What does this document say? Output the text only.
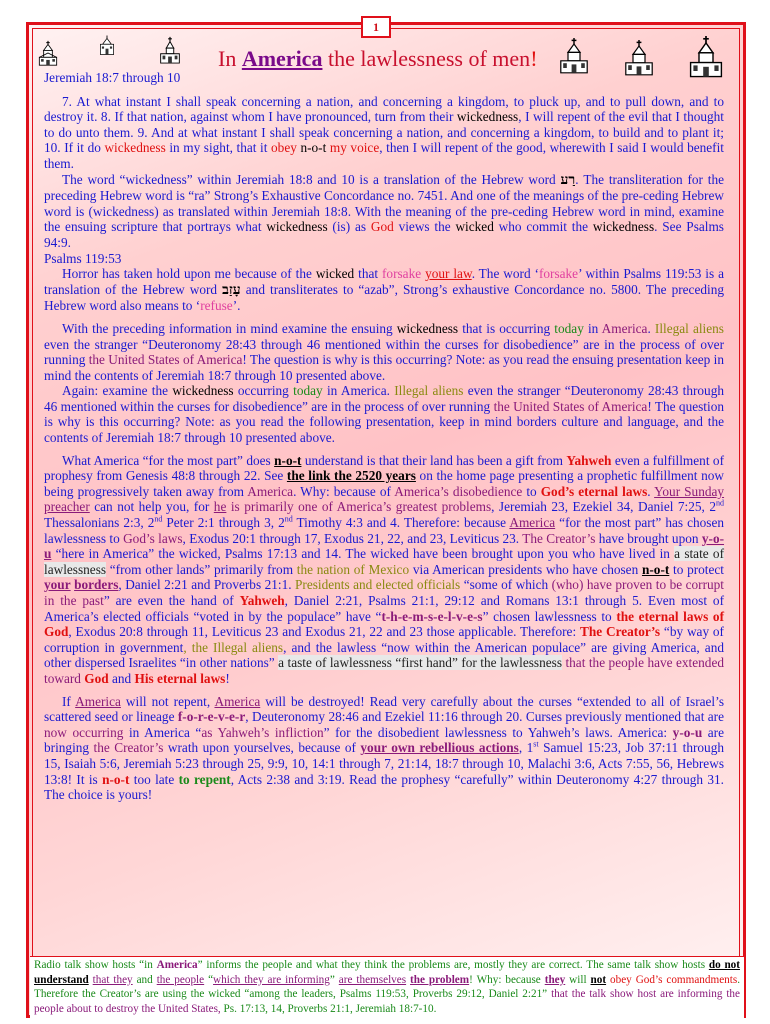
1
In America the lawlessness of men!

Jeremiah 18:7 through 10

7. At what instant I shall speak concerning a nation, and concerning a kingdom, to pluck up, and to pull down, and to destroy it. 8. If that nation, against whom I have pronounced, turn from their wickedness, I will repent of the evil that I thought to do unto them. 9. And at what instant I shall speak concerning a nation, and concerning a kingdom, to build and to plant it; 10. If it do wickedness in my sight, that it obey n-o-t my voice, then I will repent of the good, wherewith I said I would benefit them.

The word “wickedness” within Jeremiah 18:8 and 10 is a translation of the Hebrew word רַע. The transliteration for the preceding Hebrew word is “ra” Strong’s Exhaustive Concordance no. 7451. And one of the meanings of the pre-ceding Hebrew word is (wickedness) as translated within Jeremiah 18:8. With the meaning of the pre-ceding Hebrew word in mind, examine the ensuing scripture that portrays what wickedness (is) as God views the wicked who commit the wickedness. See Psalms 94:9.

Psalms 119:53

Horror has taken hold upon me because of the wicked that forsake your law. The word ‘forsake’ within Psalms 119:53 is a translation of the Hebrew word עָזַב and transliterates to “azab”, Strong’s exhaustive Concordance no. 5800. The preceding Hebrew word also means to ‘refuse’.

With the preceding information in mind examine the ensuing wickedness that is occurring today in America. Illegal aliens even the stranger “Deuteronomy 28:43 through 46 mentioned within the curses for disobedience” are in the process of over running the United States of America! The question is why is this occurring? Note: as you read the ensuing presentation keep in mind the contents of Jeremiah 18:7 through 10 presented above.

Again: examine the wickedness occurring today in America. Illegal aliens even the stranger “Deuteronomy 28:43 through 46 mentioned within the curses for disobedience” are in the process of over running the United States of America! The question is why is this occurring? Note: as you read the following presentation, keep in mind borders culture and language, and the contents of Jeremiah 18:7 through 10 presented above.

What America “for the most part” does n-o-t understand is that their land has been a gift from Yahweh even a fulfillment of prophesy from Genesis 48:8 through 22. See the link the 2520 years on the home page presenting a prophetic fulfillment now being progressively taken away from America. Why: because of America’s disobedience to God’s eternal laws. Your Sunday preacher can not help you, for he is primarily one of America’s greatest problems, Jeremiah 23, Ezekiel 34, Daniel 7:25, 2nd Thessalonians 2:3, 2nd Peter 2:1 through 3, 2nd Timothy 4:3 and 4. Therefore: because America “for the most part” has chosen lawlessness to God’s laws, Exodus 20:1 through 17, Exodus 21, 22, and 23, Leviticus 23. The Creator’s have brought upon y-o-u “here in America” the wicked, Psalms 17:13 and 14. The wicked have been brought upon you who have lived in a state of lawlessness “from other lands” primarily from the nation of Mexico via American presidents who have chosen n-o-t to protect your borders, Daniel 2:21 and Proverbs 21:1. Presidents and elected officials “some of which (who) have proven to be corrupt in the past” are even the hand of Yahweh, Daniel 2:21, Psalms 21:1, 29:12 and Romans 13:1 through 5. Even most of America’s elected officials “voted in by the populace” have “t-h-e-m-s-e-l-v-e-s” chosen lawlessness to the eternal laws of God, Exodus 20:8 through 11, Leviticus 23 and Exodus 21, 22 and 23 those applicable. Therefore: The Creator’s “by way of corruption in government, the Illegal aliens, and the lawless “now within the American populace” are giving America, and other dispersed Israelites “in other nations” a taste of lawlessness “first hand” for the lawlessness that the people have extended toward God and His eternal laws!

If America will not repent, America will be destroyed! Read very carefully about the curses “extended to all of Israel’s scattered seed or lineage f-o-r-e-v-e-r, Deuteronomy 28:46 and Ezekiel 11:16 through 20. Curses previously mentioned that are now occurring in America “as Yahweh’s infliction” for the disobedient lawlessness to Yahweh’s laws. America: y-o-u are bringing the Creator’s wrath upon yourselves, because of your own rebellious actions, 1st Samuel 15:23, Job 37:11 through 15, Isaiah 5:6, Jeremiah 5:23 through 25, 9:9, 10, 14:1 through 7, 21:14, 18:7 through 10, Malachi 3:6, Acts 7:55, 56, Hebrews 13:8! It is n-o-t too late to repent, Acts 2:38 and 3:19. Read the prophesy “carefully” within Deuteronomy 4:27 through 31. The choice is yours!

Radio talk show hosts “in America” informs the people and what they think the problems are, mostly they are correct. The same talk show hosts do not understand that they and the people “which they are informing” are themselves the problem! Why: because they will not obey God’s commandments. Therefore the Creator’s are using the wicked “among the leaders, Psalms 119:53, Proverbs 29:12, Daniel 2:21” that the talk show host are informing the people about to destroy the United States, Ps. 17:13, 14, Proverbs 21:1, Jeremiah 18:7-10.
